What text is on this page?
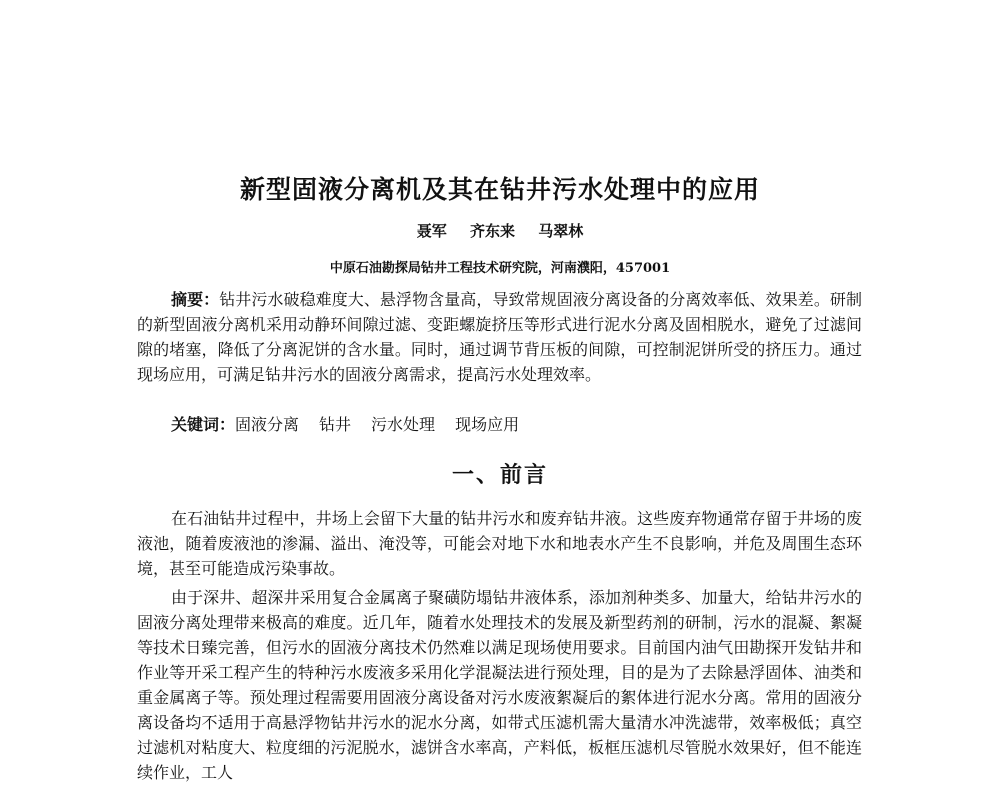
新型固液分离机及其在钻井污水处理中的应用
聂军 齐东来 马翠林
中原石油勘探局钻井工程技术研究院，河南濮阳，457001
摘要：钻井污水破稳难度大、悬浮物含量高，导致常规固液分离设备的分离效率低、效果差。研制的新型固液分离机采用动静环间隙过滤、变距螺旋挤压等形式进行泥水分离及固相脱水，避免了过滤间隙的堵塞，降低了分离泥饼的含水量。同时，通过调节背压板的间隙，可控制泥饼所受的挤压力。通过现场应用，可满足钻井污水的固液分离需求，提高污水处理效率。
关键词：固液分离 钻井 污水处理 现场应用
一、前言

在石油钻井过程中，井场上会留下大量的钻井污水和废弃钻井液。这些废弃物通常存留于井场的废液池，随着废液池的渗漏、溢出、淹没等，可能会对地下水和地表水产生不良影响，并危及周围生态环境，甚至可能造成污染事故。

由于深井、超深井采用复合金属离子聚磺防塌钻井液体系，添加剂种类多、加量大，给钻井污水的固液分离处理带来极高的难度。近几年，随着水处理技术的发展及新型药剂的研制，污水的混凝、絮凝等技术日臻完善，但污水的固液分离技术仍然难以满足现场使用要求。目前国内油气田勘探开发钻井和作业等开采工程产生的特种污水废液多采用化学混凝法进行预处理，目的是为了去除悬浮固体、油类和重金属离子等。预处理过程需要用固液分离设备对污水废液絮凝后的絮体进行泥水分离。常用的固液分离设备均不适用于高悬浮物钻井污水的泥水分离，如带式压滤机需大量清水冲洗滤带，效率极低；真空过滤机对粘度大、粒度细的污泥脱水，滤饼含水率高，产料低，板框压滤机尽管脱水效果好，但不能连续作业，工人
